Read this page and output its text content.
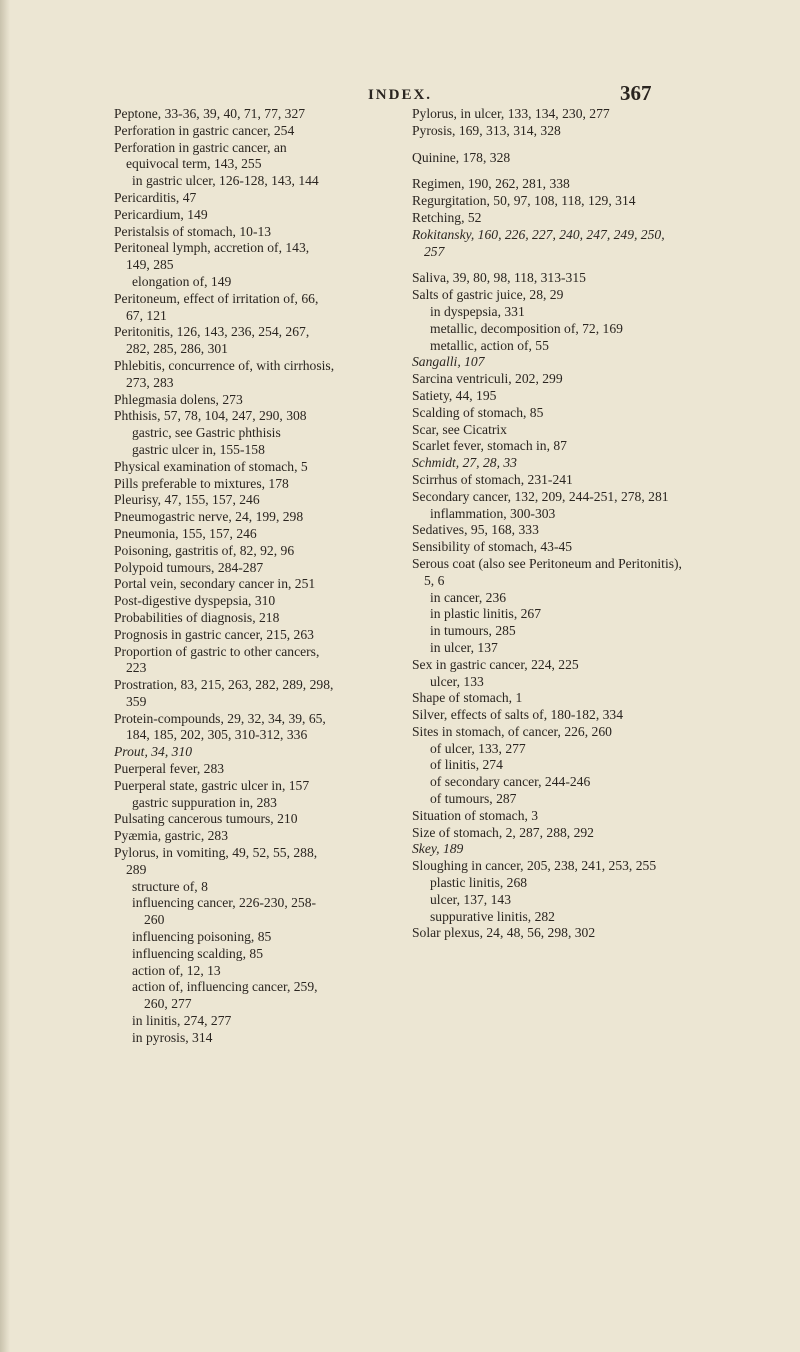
INDEX.	367

Peptone, 33-36, 39, 40, 71, 77, 327

Perforation in gastric cancer, 254

Perforation in gastric cancer, an equivocal term, 143, 255

in gastric ulcer, 126-128, 143, 144

Pericarditis, 47

Pericardium, 149

Peristalsis of stomach, 10-13

Peritoneal lymph, accretion of, 143, 149, 285

elongation of, 149

Peritoneum, effect of irritation of, 66, 67, 121

Peritonitis, 126, 143, 236, 254, 267, 282, 285, 286, 301

Phlebitis, concurrence of, with cirrhosis, 273, 283

Phlegmasia dolens, 273

Phthisis, 57, 78, 104, 247, 290, 308

gastric, see Gastric phthisis

gastric ulcer in, 155-158

Physical examination of stomach, 5

Pills preferable to mixtures, 178

Pleurisy, 47, 155, 157, 246

Pneumogastric nerve, 24, 199, 298

Pneumonia, 155, 157, 246

Poisoning, gastritis of, 82, 92, 96

Polypoid tumours, 284-287

Portal vein, secondary cancer in, 251

Post-digestive dyspepsia, 310

Probabilities of diagnosis, 218

Prognosis in gastric cancer, 215, 263

Proportion of gastric to other cancers, 223

Prostration, 83, 215, 263, 282, 289, 298, 359

Protein-compounds, 29, 32, 34, 39, 65, 184, 185, 202, 305, 310-312, 336

Prout, 34, 310

Puerperal fever, 283

Puerperal state, gastric ulcer in, 157

gastric suppuration in, 283

Pulsating cancerous tumours, 210

Pyæmia, gastric, 283

Pylorus, in vomiting, 49, 52, 55, 288, 289

structure of, 8

influencing cancer, 226-230, 258-260

influencing poisoning, 85

influencing scalding, 85

action of, 12, 13

action of, influencing cancer, 259, 260, 277

in linitis, 274, 277

in pyrosis, 314

Pylorus, in ulcer, 133, 134, 230, 277

Pyrosis, 169, 313, 314, 328

Quinine, 178, 328

Regimen, 190, 262, 281, 338

Regurgitation, 50, 97, 108, 118, 129, 314

Retching, 52

Rokitansky, 160, 226, 227, 240, 247, 249, 250, 257

Saliva, 39, 80, 98, 118, 313-315

Salts of gastric juice, 28, 29

in dyspepsia, 331

metallic, decomposition of, 72, 169

metallic, action of, 55

Sangalli, 107

Sarcina ventriculi, 202, 299

Satiety, 44, 195

Scalding of stomach, 85

Scar, see Cicatrix

Scarlet fever, stomach in, 87

Schmidt, 27, 28, 33

Scirrhus of stomach, 231-241

Secondary cancer, 132, 209, 244-251, 278, 281

inflammation, 300-303

Sedatives, 95, 168, 333

Sensibility of stomach, 43-45

Serous coat (also see Peritoneum and Peritonitis), 5, 6

in cancer, 236

in plastic linitis, 267

in tumours, 285

in ulcer, 137

Sex in gastric cancer, 224, 225

ulcer, 133

Shape of stomach, 1

Silver, effects of salts of, 180-182, 334

Sites in stomach, of cancer, 226, 260

of ulcer, 133, 277

of linitis, 274

of secondary cancer, 244-246

of tumours, 287

Situation of stomach, 3

Size of stomach, 2, 287, 288, 292

Skey, 189

Sloughing in cancer, 205, 238, 241, 253, 255

plastic linitis, 268

ulcer, 137, 143

suppurative linitis, 282

Solar plexus, 24, 48, 56, 298, 302
